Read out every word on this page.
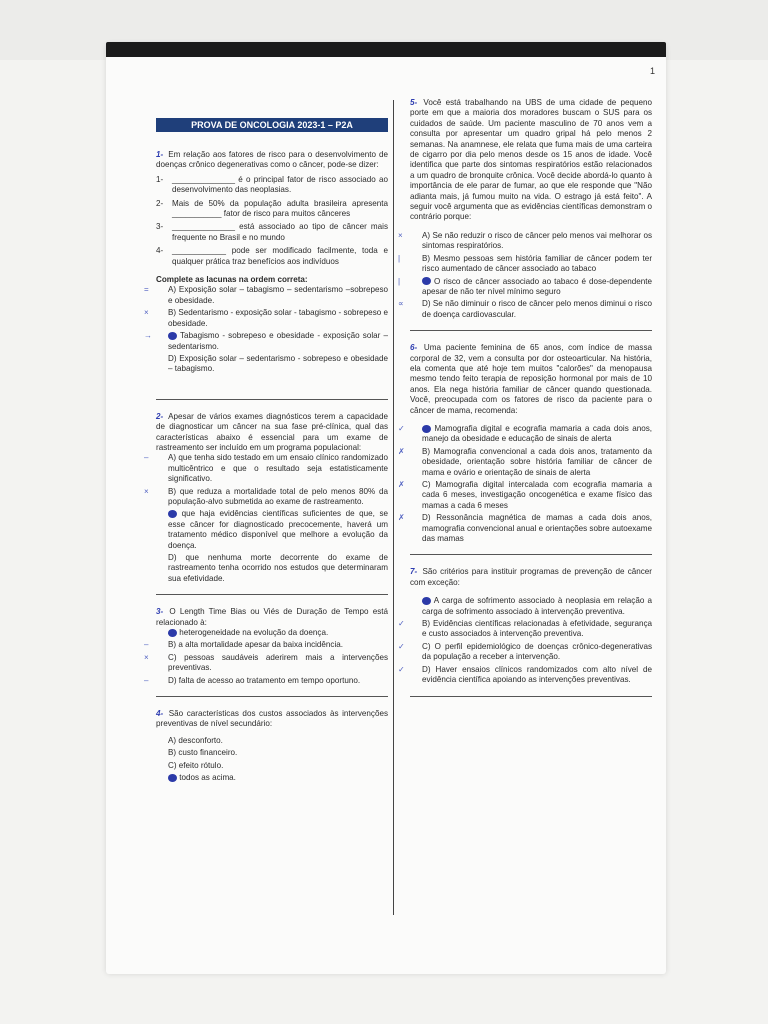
1
PROVA DE ONCOLOGIA 2023-1 – P2A

1- Em relação aos fatores de risco para o desenvolvimento de doenças crônico degenerativas como o câncer, pode-se dizer:

1-	______________ é o principal fator de risco associado ao desenvolvimento das neoplasias.
2-	Mais de 50% da população adulta brasileira apresenta ___________ fator de risco para muitos cânceres
3-	______________ está associado ao tipo de câncer mais frequente no Brasil e no mundo
4-	____________ pode ser modificado facilmente, toda e qualquer prática traz benefícios aos indivíduos

Complete as lacunas na ordem correta:

= A) Exposição solar – tabagismo – sedentarismo –sobrepeso e obesidade.
× B) Sedentarismo - exposição solar - tabagismo - sobrepeso e obesidade.
→	C) Tabagismo - sobrepeso e obesidade - exposição solar – sedentarismo.
D) Exposição solar – sedentarismo - sobrepeso e obesidade – tabagismo.

2- Apesar de vários exames diagnósticos terem a capacidade de diagnosticar um câncer na sua fase pré-clínica, qual das características abaixo é essencial para um exame de rastreamento ser incluído em um programa populacional:

– A) que tenha sido testado em um ensaio clínico randomizado multicêntrico e que o resultado seja estatisticamente significativo.
× B) que reduza a mortalidade total de pelo menos 80% da população-alvo submetida ao exame de rastreamento.
C) que haja evidências científicas suficientes de que, se esse câncer for diagnosticado precocemente, haverá um tratamento médico disponível que melhore a evolução da doença.
D) que nenhuma morte decorrente do exame de rastreamento tenha ocorrido nos estudos que determinaram sua efetividade.

3- O Length Time Bias ou Viés de Duração de Tempo está relacionado à:

A) heterogeneidade na evolução da doença.
– B) a alta mortalidade apesar da baixa incidência.
× C) pessoas saudáveis aderirem mais a intervenções preventivas.
– D) falta de acesso ao tratamento em tempo oportuno.

4- São características dos custos associados às intervenções preventivas de nível secundário:

A) desconforto.
B) custo financeiro.
C) efeito rótulo.
D) todos as acima.

5- Você está trabalhando na UBS de uma cidade de pequeno porte em que a maioria dos moradores buscam o SUS para os cuidados de saúde. Um paciente masculino de 70 anos vem a consulta por apresentar um quadro gripal há pelo menos 2 semanas. Na anamnese, ele relata que fuma mais de uma carteira de cigarro por dia pelo menos desde os 15 anos de idade. Você identifica que parte dos sintomas respiratórios estão relacionados a um quadro de bronquite crônica. Você decide abordá-lo quanto à importância de ele parar de fumar, ao que ele responde que "Não adianta mais, já fumou muito na vida. O estrago já está feito". A seguir você argumenta que as evidências científicas demonstram o contrário porque:

× A) Se não reduzir o risco de câncer pelo menos vai melhorar os sintomas respiratórios.
|	B) Mesmo pessoas sem história familiar de câncer podem ter risco aumentado de câncer associado ao tabaco
|	C) O risco de câncer associado ao tabaco é dose-dependente apesar de não ter nível mínimo seguro
∝ D) Se não diminuir o risco de câncer pelo menos diminui o risco de doença cardiovascular.

6- Uma paciente feminina de 65 anos, com índice de massa corporal de 32, vem a consulta por dor osteoarticular. Na história, ela comenta que até hoje tem muitos "calorões" da menopausa mesmo tendo feito terapia de reposição hormonal por mais de 10 anos. Ela nega história familiar de câncer quando questionada. Você, preocupada com os fatores de risco da paciente para o câncer de mama, recomenda:

✓	A) Mamografia digital e ecografia mamaria a cada dois anos, manejo da obesidade e educação de sinais de alerta
✗ B) Mamografia convencional a cada dois anos, tratamento da obesidade, orientação sobre história familiar de câncer de mama e ovário e orientação de sinais de alerta
✗ C) Mamografia digital intercalada com ecografia mamaria a cada 6 meses, investigação oncogenética e exame físico das mamas a cada 6 meses
✗ D) Ressonância magnética de mamas a cada dois anos, mamografia convencional anual e orientações sobre autoexame das mamas

7- São critérios para instituir programas de prevenção de câncer com exceção:

A) A carga de sofrimento associado à neoplasia em relação a carga de sofrimento associado à intervenção preventiva.
✓ B) Evidências científicas relacionadas à efetividade, segurança e custo associados à intervenção preventiva.
✓ C) O perfil epidemiológico de doenças crônico-degenerativas da população a receber a intervenção.
✓ D) Haver ensaios clínicos randomizados com alto nível de evidência científica apoiando as intervenções preventivas.
